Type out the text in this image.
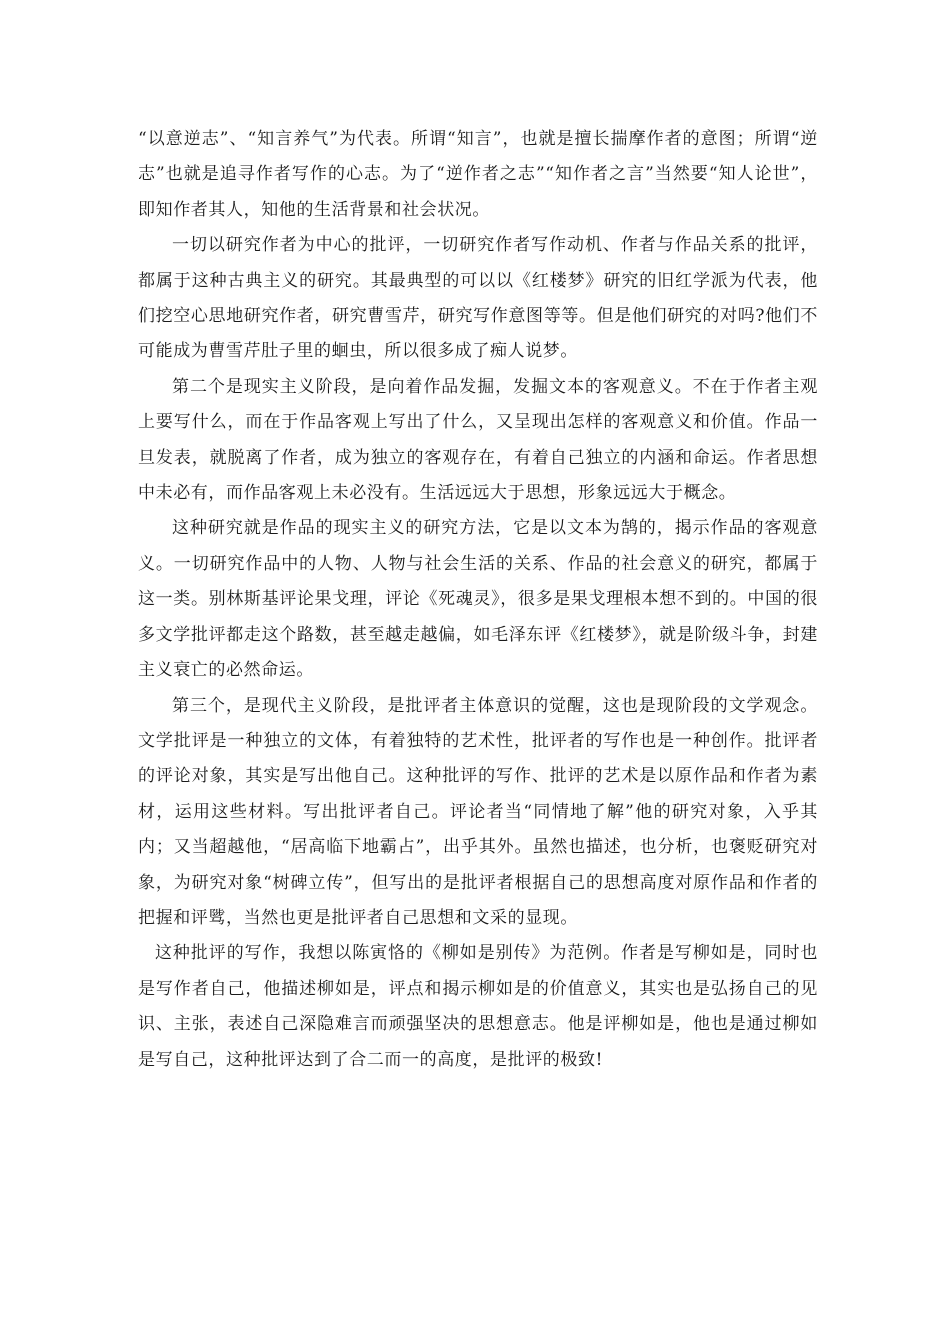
“以意逆志”、“知言养气”为代表。所谓“知言”，也就是擅长揣摩作者的意图；所谓“逆志”也就是追寻作者写作的心志。为了“逆作者之志”“知作者之言”当然要“知人论世”，即知作者其人，知他的生活背景和社会状况。

一切以研究作者为中心的批评，一切研究作者写作动机、作者与作品关系的批评，都属于这种古典主义的研究。其最典型的可以以《红楼梦》研究的旧红学派为代表，他们挖空心思地研究作者，研究曹雪芹，研究写作意图等等。但是他们研究的对吗?他们不可能成为曹雪芹肚子里的蛔虫，所以很多成了痴人说梦。

第二个是现实主义阶段，是向着作品发掘，发掘文本的客观意义。不在于作者主观上要写什么，而在于作品客观上写出了什么，又呈现出怎样的客观意义和价值。作品一旦发表，就脱离了作者，成为独立的客观存在，有着自己独立的内涵和命运。作者思想中未必有，而作品客观上未必没有。生活远远大于思想，形象远远大于概念。

这种研究就是作品的现实主义的研究方法，它是以文本为鹄的，揭示作品的客观意义。一切研究作品中的人物、人物与社会生活的关系、作品的社会意义的研究，都属于这一类。别林斯基评论果戈理，评论《死魂灵》，很多是果戈理根本想不到的。中国的很多文学批评都走这个路数，甚至越走越偏，如毛泽东评《红楼梦》，就是阶级斗争，封建主义衰亡的必然命运。

第三个，是现代主义阶段，是批评者主体意识的觉醒，这也是现阶段的文学观念。文学批评是一种独立的文体，有着独特的艺术性，批评者的写作也是一种创作。批评者的评论对象，其实是写出他自己。这种批评的写作、批评的艺术是以原作品和作者为素材，运用这些材料。写出批评者自己。评论者当“同情地了解”他的研究对象，入乎其内；又当超越他，“居高临下地霸占”，出乎其外。虽然也描述，也分析，也褒贬研究对象，为研究对象“树碑立传”，但写出的是批评者根据自己的思想高度对原作品和作者的把握和评骘，当然也更是批评者自己思想和文采的显现。

这种批评的写作，我想以陈寅恪的《柳如是别传》为范例。作者是写柳如是，同时也是写作者自己，他描述柳如是，评点和揭示柳如是的价值意义，其实也是弘扬自己的见识、主张，表述自己深隐难言而顽强坚决的思想意志。他是评柳如是，他也是通过柳如是写自己，这种批评达到了合二而一的高度，是批评的极致!
